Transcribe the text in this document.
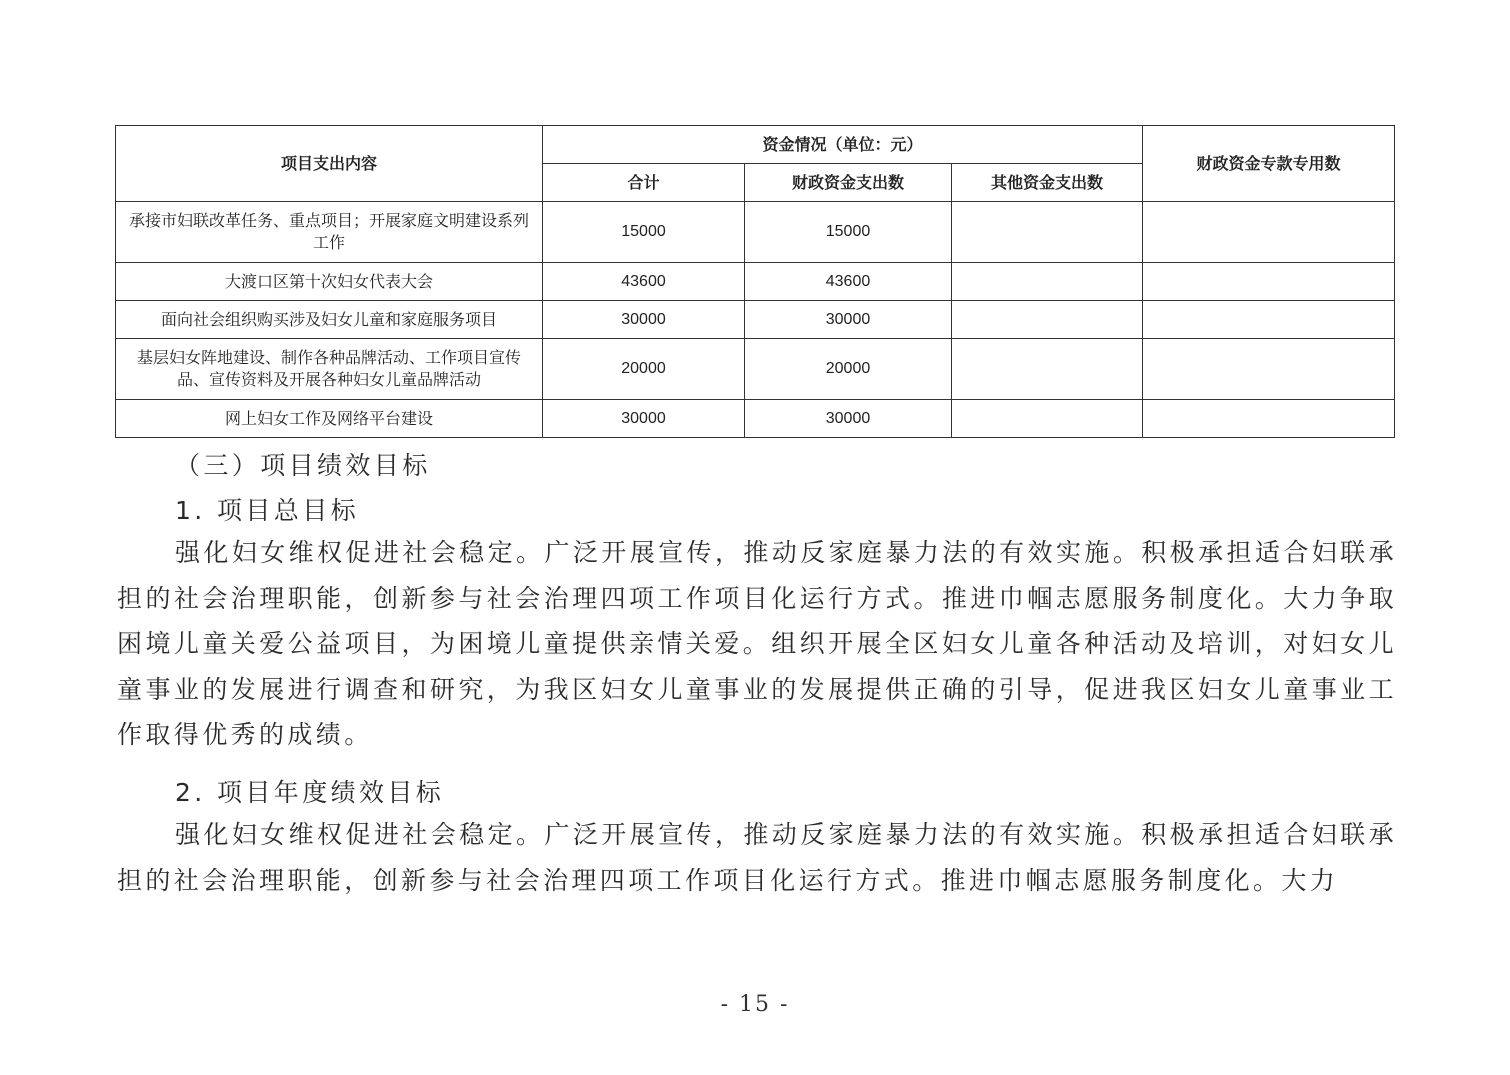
项目支出内容	资金情况（单位：元）			财政资金专款专用数
	合计	财政资金支出数	其他资金支出数	
承接市妇联改革任务、重点项目；开展家庭文明建设系列工作	15000	15000		
大渡口区第十次妇女代表大会	43600	43600		
面向社会组织购买涉及妇女儿童和家庭服务项目	30000	30000		
基层妇女阵地建设、制作各种品牌活动、工作项目宣传品、宣传资料及开展各种妇女儿童品牌活动	20000	20000		
网上妇女工作及网络平台建设	30000	30000		
（三）项目绩效目标
1. 项目总目标
强化妇女维权促进社会稳定。广泛开展宣传，推动反家庭暴力法的有效实施。积极承担适合妇联承担的社会治理职能，创新参与社会治理四项工作项目化运行方式。推进巾帼志愿服务制度化。大力争取困境儿童关爱公益项目，为困境儿童提供亲情关爱。组织开展全区妇女儿童各种活动及培训，对妇女儿童事业的发展进行调查和研究，为我区妇女儿童事业的发展提供正确的引导，促进我区妇女儿童事业工作取得优秀的成绩。
2. 项目年度绩效目标
强化妇女维权促进社会稳定。广泛开展宣传，推动反家庭暴力法的有效实施。积极承担适合妇联承担的社会治理职能，创新参与社会治理四项工作项目化运行方式。推进巾帼志愿服务制度化。大力
- 15 -
